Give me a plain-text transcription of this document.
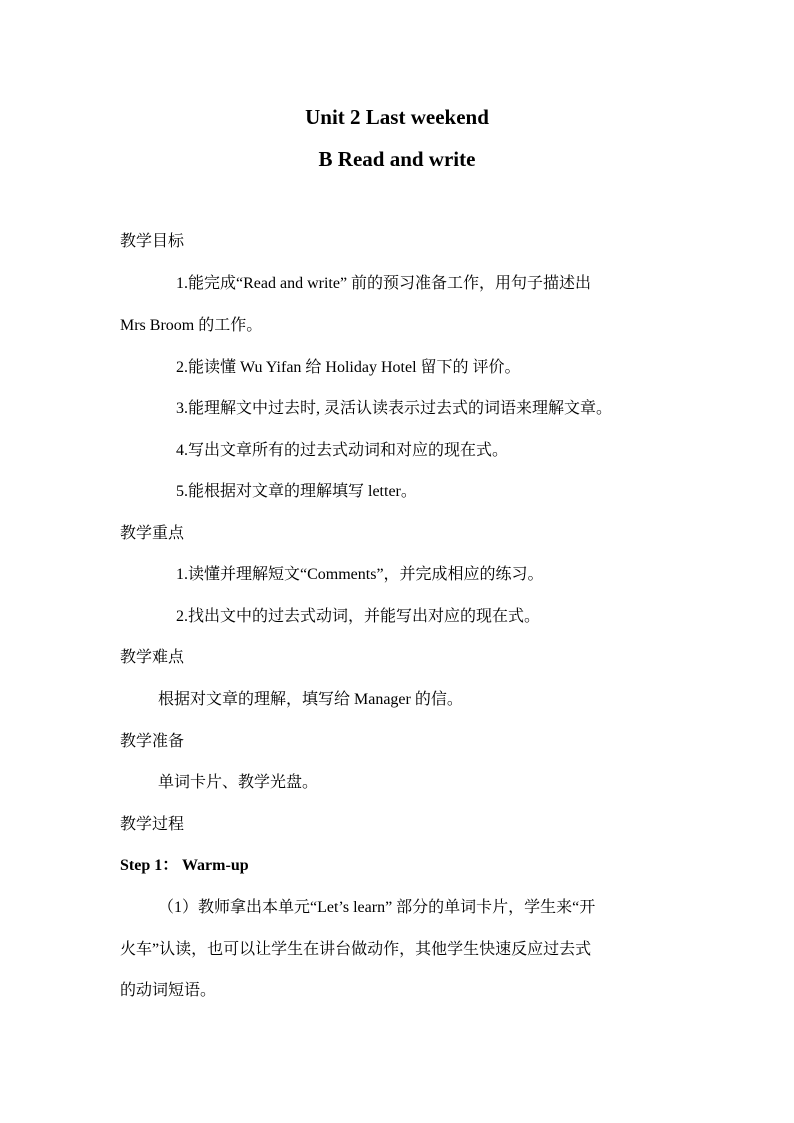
Unit 2 Last weekend
B Read and write
教学目标
1.能完成“Read and write” 前的预习准备工作，用句子描述出
Mrs Broom 的工作。
2.能读懂 Wu Yifan 给 Holiday Hotel 留下的 评价。
3.能理解文中过去时, 灵活认读表示过去式的词语来理解文章。
4.写出文章所有的过去式动词和对应的现在式。
5.能根据对文章的理解填写 letter。
教学重点
1.读懂并理解短文“Comments”，并完成相应的练习。
2.找出文中的过去式动词，并能写出对应的现在式。
教学难点
根据对文章的理解，填写给 Manager 的信。
教学准备
单词卡片、教学光盘。
教学过程
Step 1： Warm-up
（1）教师拿出本单元“Let’s learn” 部分的单词卡片，学生来“开
火车”认读，也可以让学生在讲台做动作，其他学生快速反应过去式
的动词短语。
